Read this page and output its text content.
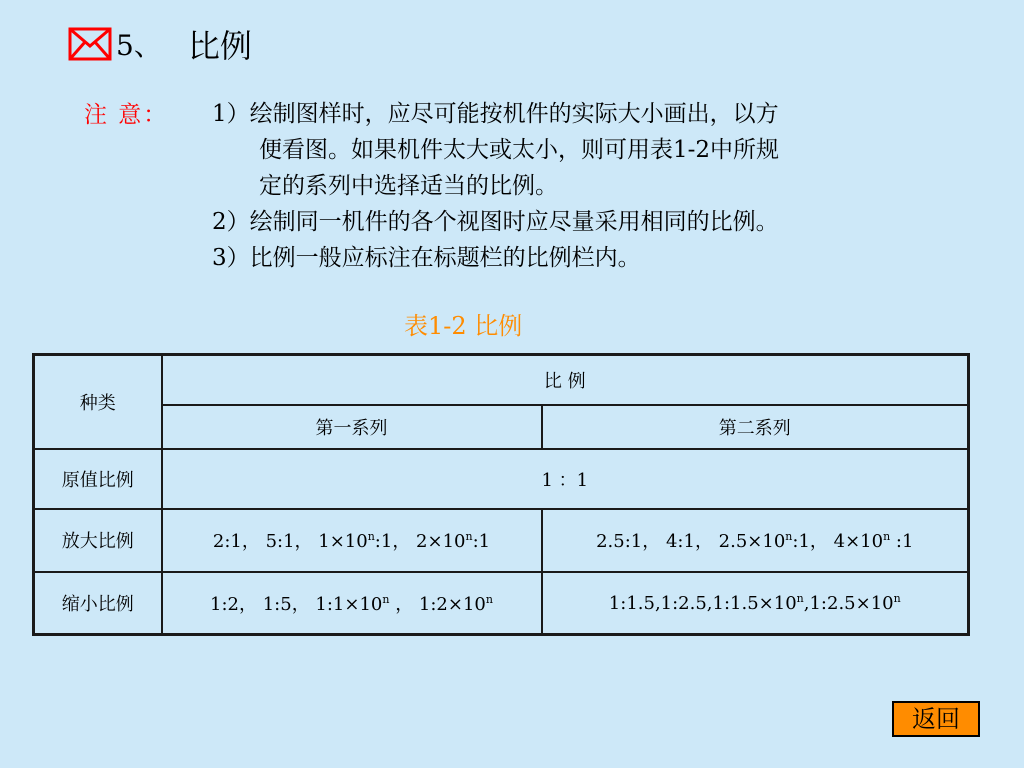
5、 比例
注 意： 1）绘制图样时，应尽可能按机件的实际大小画出，以方
便看图。如果机件太大或太小，则可用表1-2中所规
定的系列中选择适当的比例。
2）绘制同一机件的各个视图时应尽量采用相同的比例。
3）比例一般应标注在标题栏的比例栏内。
表1-2 比例
种类	比 例	
	第一系列	第二系列
原值比例	1 ：1	
放大比例	2:1， 5:1， $1\times 10^n:1$， $2\times 10^n:1$	2.5:1， 4:1， $2.5\times 10^n:1$， $4\times 10^n$ :1
缩小比例	1:2， 1:5， $1:1\times 10^n$ ， $1:2\times 10^n$	$1:1.5,1:2.5,1:1.5\times 10^n,1:2.5\times 10^n$
返回
